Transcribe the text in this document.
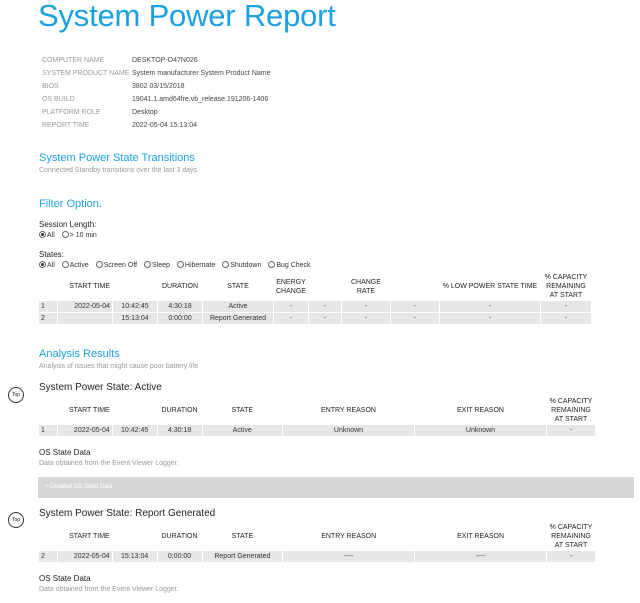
System Power Report
COMPUTER NAME	DESKTOP-O47N026
SYSTEM PRODUCT NAME	System manufacturer System Product Name
BIOS	3802 03/15/2018
OS BUILD	19041.1.amd64fre.vb_release.191206-1406
PLATFORM ROLE	Desktop
REPORT TIME	2022-05-04 15:13:04
System Power State Transitions
Connected Standby transitions over the last 3 days
Filter Option.
Session Length:
All > 10 min
States:
All Active Screen Off Sleep Hibernate Shutdown Bug Check
	START TIME		DURATION	STATE	ENERGY CHANGE		CHANGE RATE		% LOW POWER STATE TIME	% CAPACITY REMAINING AT START
1	2022-05-04	10:42:45	4:30:18	Active	-	-	-	-	-	-
2		15:13:04	0:00:00	Report Generated	-	-	-	-	-	-
Analysis Results
Analysis of issues that might cause poor battery life
Top
System Power State: Active
	START TIME		DURATION	STATE	ENTRY REASON	EXIT REASON	% CAPACITY REMAINING AT START
1	2022-05-04	10:42:45	4:30:18	Active	Unknown	Unknown	-
OS State Data
Data obtained from the Event Viewer Logger.
+ Detailed OS State Data
Top
System Power State: Report Generated
	START TIME		DURATION	STATE	ENTRY REASON	EXIT REASON	% CAPACITY REMAINING AT START
2	2022-05-04	15:13:04	0:00:00	Report Generated	----	----	-
OS State Data
Data obtained from the Event Viewer Logger.
